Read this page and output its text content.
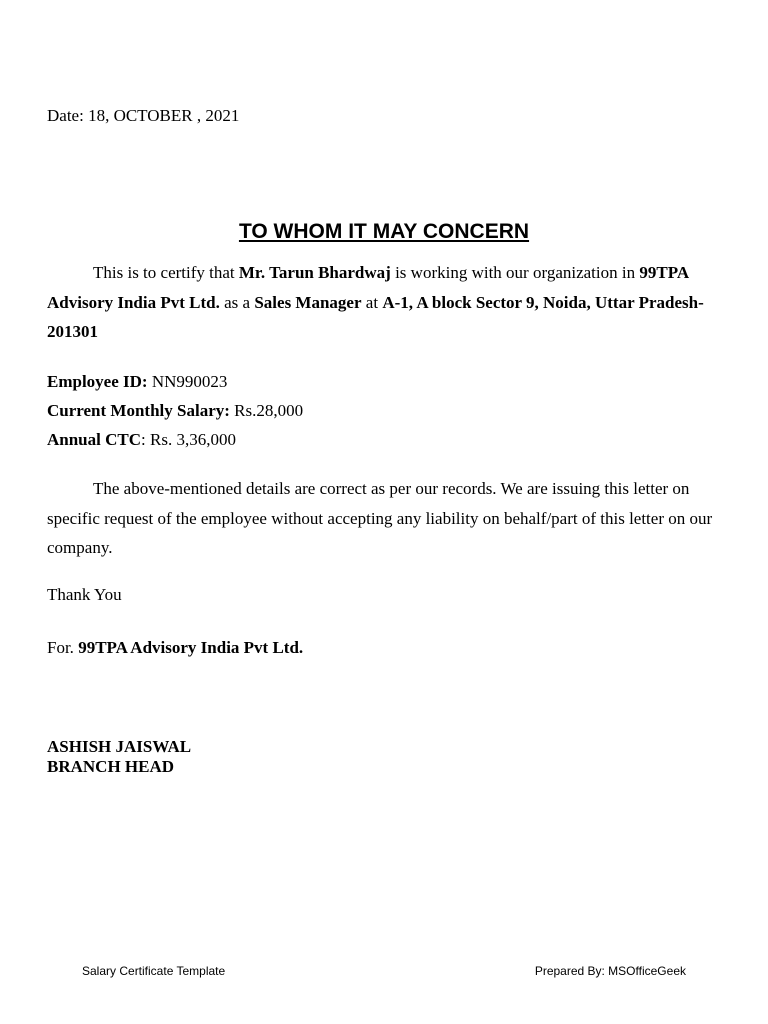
Date: 18, OCTOBER , 2021
TO WHOM IT MAY CONCERN
This is to certify that Mr. Tarun Bhardwaj is working with our organization in 99TPA Advisory India Pvt Ltd. as a Sales Manager at A-1, A block Sector 9, Noida, Uttar Pradesh-201301
Employee ID: NN990023
Current Monthly Salary: Rs.28,000
Annual CTC: Rs. 3,36,000
The above-mentioned details are correct as per our records. We are issuing this letter on specific request of the employee without accepting any liability on behalf/part of this letter on our company.
Thank You
For. 99TPA Advisory India Pvt Ltd.
ASHISH JAISWAL
BRANCH HEAD
Salary Certificate Template	Prepared By: MSOfficeGeek
